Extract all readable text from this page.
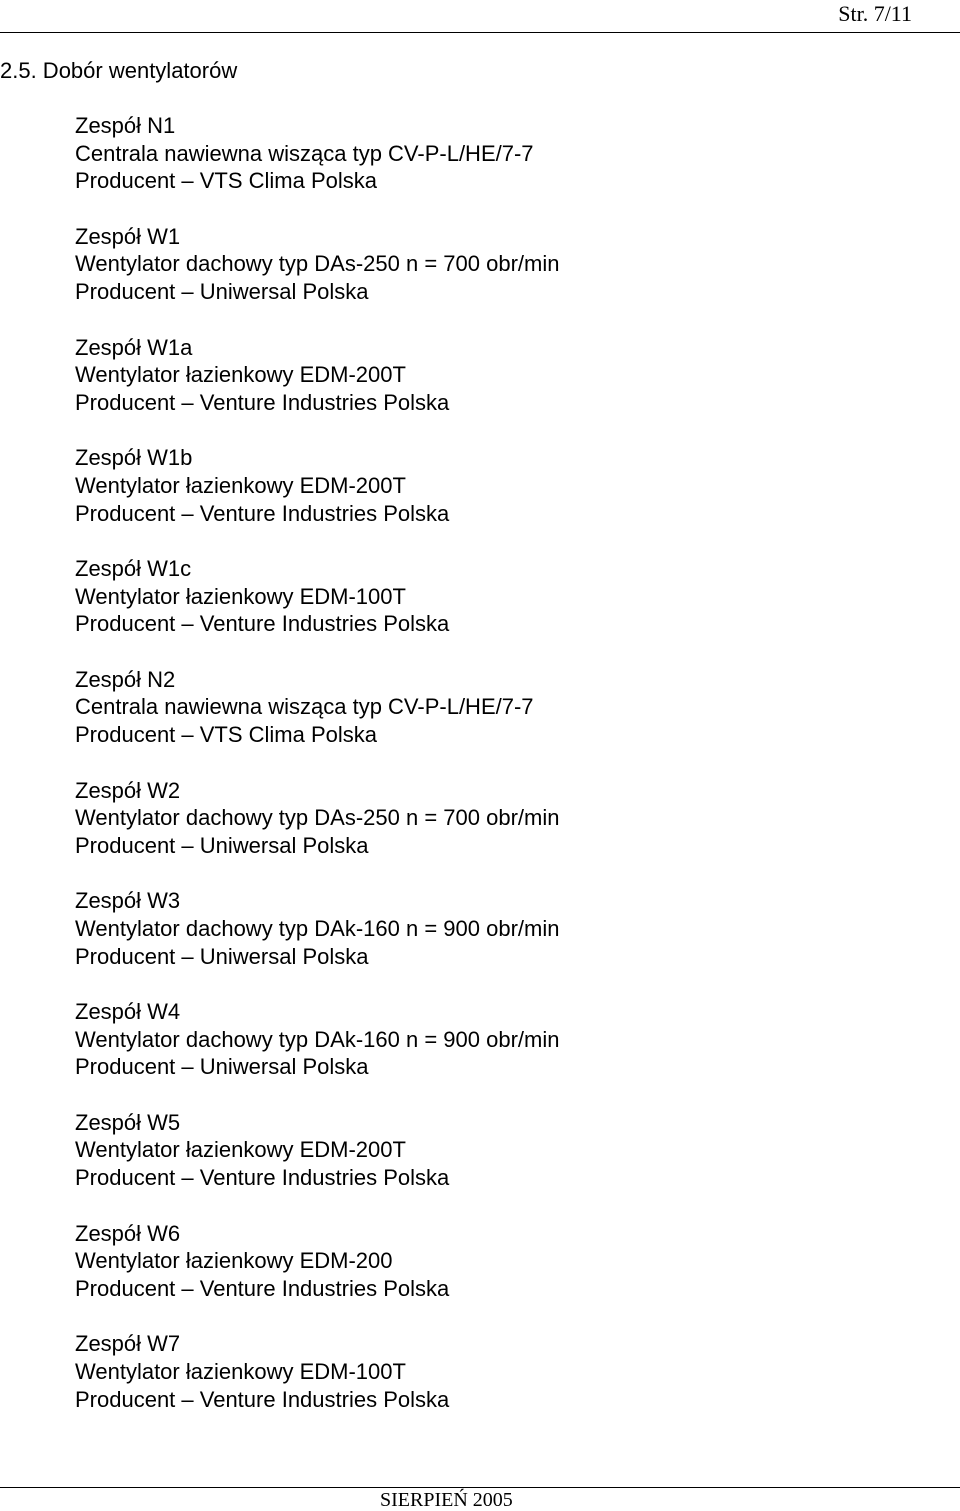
Str. 7/11
2.5. Dobór wentylatorów
Zespół N1
Centrala nawiewna wisząca typ CV-P-L/HE/7-7
Producent – VTS Clima Polska
Zespół W1
Wentylator dachowy typ DAs-250 n = 700 obr/min
Producent – Uniwersal Polska
Zespół W1a
Wentylator łazienkowy EDM-200T
Producent – Venture Industries Polska
Zespół W1b
Wentylator łazienkowy EDM-200T
Producent – Venture Industries Polska
Zespół W1c
Wentylator łazienkowy EDM-100T
Producent – Venture Industries Polska
Zespół N2
Centrala nawiewna wisząca typ CV-P-L/HE/7-7
Producent – VTS Clima Polska
Zespół W2
Wentylator dachowy typ DAs-250 n = 700 obr/min
Producent – Uniwersal Polska
Zespół W3
Wentylator dachowy typ DAk-160 n = 900 obr/min
Producent – Uniwersal Polska
Zespół W4
Wentylator dachowy typ DAk-160 n = 900 obr/min
Producent – Uniwersal Polska
Zespół W5
Wentylator łazienkowy EDM-200T
Producent – Venture Industries Polska
Zespół W6
Wentylator łazienkowy EDM-200
Producent – Venture Industries Polska
Zespół W7
Wentylator łazienkowy EDM-100T
Producent – Venture Industries Polska
SIERPIEŃ 2005
